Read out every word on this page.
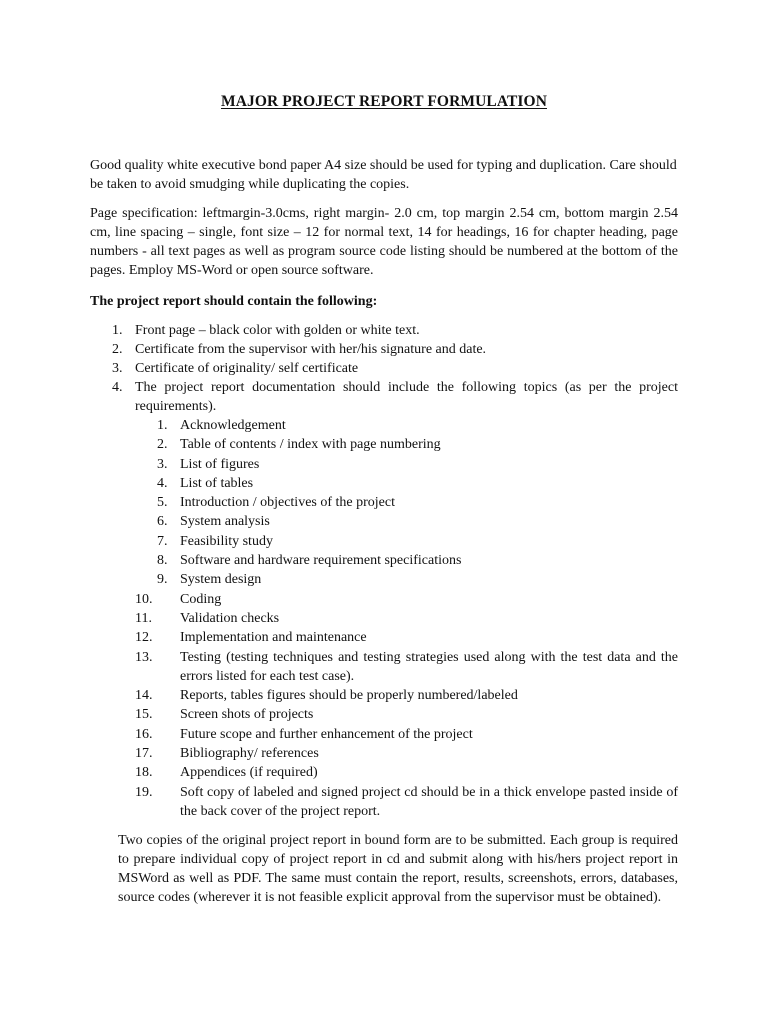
MAJOR PROJECT REPORT FORMULATION

Good quality white executive bond paper A4 size should be used for typing and duplication. Care should be taken to avoid smudging while duplicating the copies.

Page specification: leftmargin-3.0cms, right margin- 2.0 cm, top margin 2.54 cm, bottom margin 2.54 cm, line spacing – single, font size – 12 for normal text, 14 for headings, 16 for chapter heading, page numbers - all text pages as well as program source code listing should be numbered at the bottom of the pages. Employ MS-Word or open source software.

The project report should contain the following:

1. Front page – black color with golden or white text.
2. Certificate from the supervisor with her/his signature and date.
3. Certificate of originality/ self certificate
4. The project report documentation should include the following topics (as per the project requirements).
1. Acknowledgement
2. Table of contents / index with page numbering
3. List of figures
4. List of tables
5. Introduction / objectives of the project
6. System analysis
7. Feasibility study
8. Software and hardware requirement specifications
9. System design
10.	Coding
11.	Validation checks
12.	Implementation and maintenance
13.	Testing (testing techniques and testing strategies used along with the test data and the errors listed for each test case).
14.	Reports, tables figures should be properly numbered/labeled
15.	Screen shots of projects
16.	Future scope and further enhancement of the project
17.	Bibliography/ references
18.	Appendices (if required)
19.	Soft copy of labeled and signed project cd should be in a thick envelope pasted inside of the back cover of the project report.

Two copies of the original project report in bound form are to be submitted. Each group is required to prepare individual copy of project report in cd and submit along with his/hers project report in MSWord as well as PDF. The same must contain the report, results, screenshots, errors, databases, source codes (wherever it is not feasible explicit approval from the supervisor must be obtained).
